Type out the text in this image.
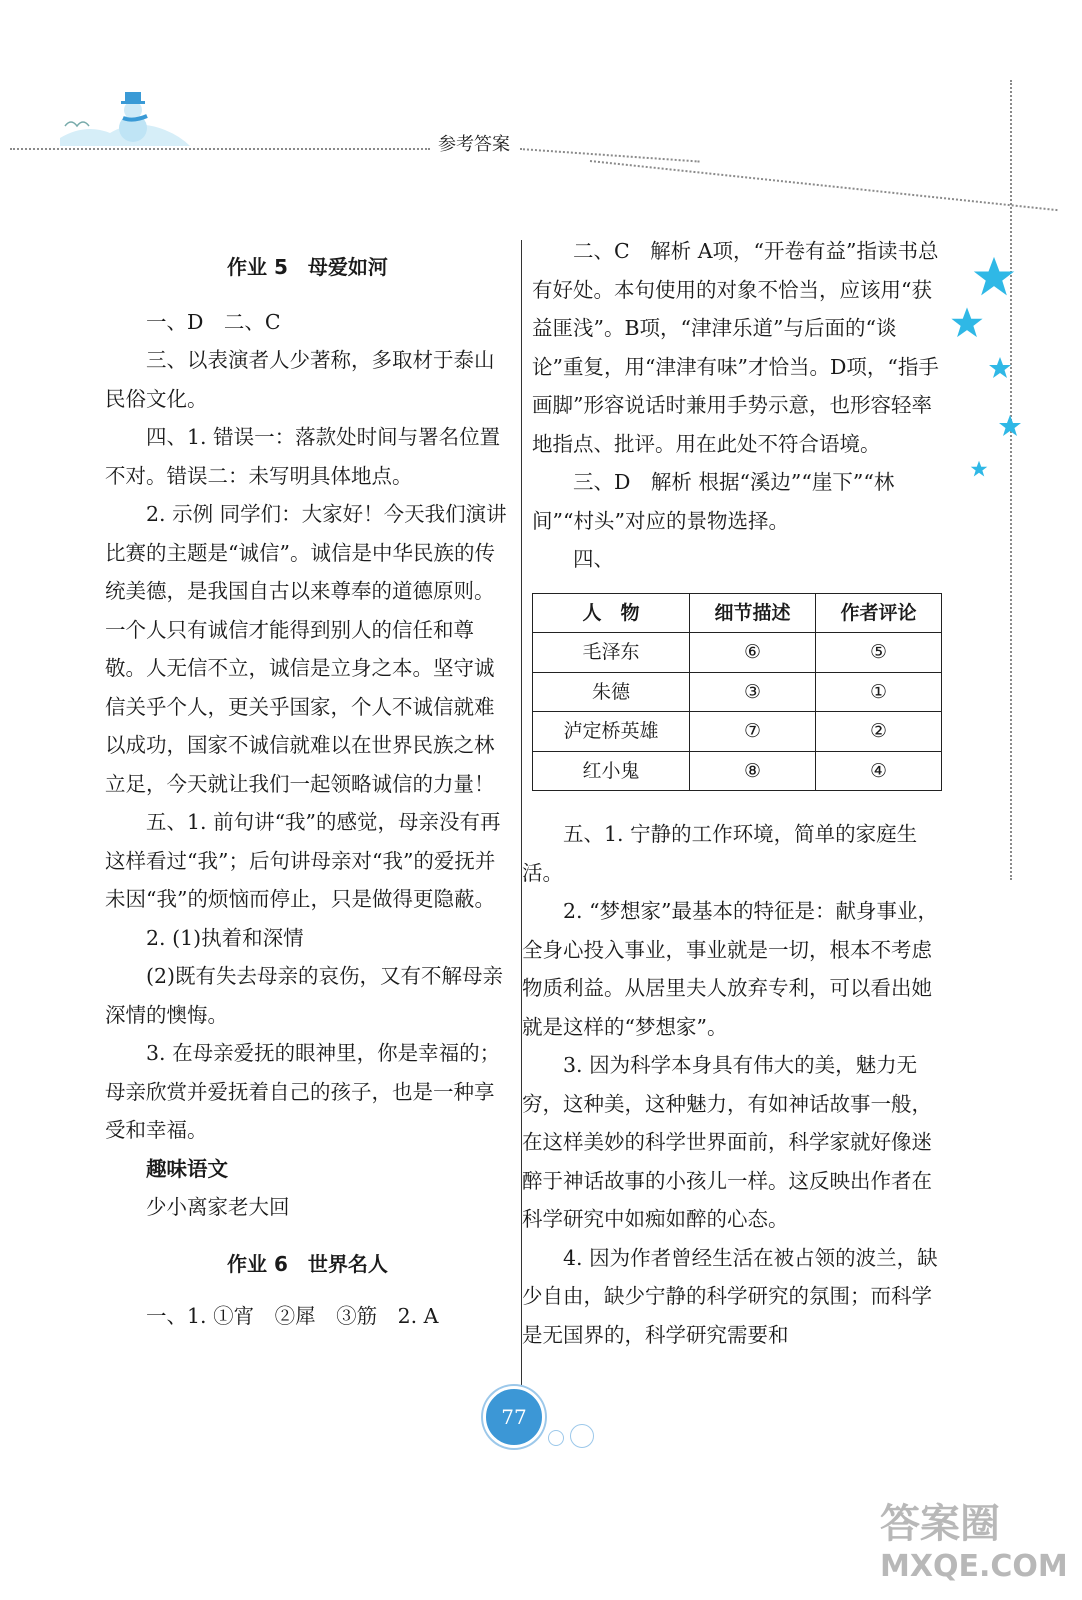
参考答案

作业 5　母爱如河

一、D　二、C

三、以表演者人少著称，多取材于泰山民俗文化。

四、1. 错误一：落款处时间与署名位置不对。错误二：未写明具体地点。

2. 示例 同学们：大家好！今天我们演讲比赛的主题是“诚信”。诚信是中华民族的传统美德，是我国自古以来尊奉的道德原则。一个人只有诚信才能得到别人的信任和尊敬。人无信不立，诚信是立身之本。坚守诚信关乎个人，更关乎国家，个人不诚信就难以成功，国家不诚信就难以在世界民族之林立足，今天就让我们一起领略诚信的力量！

五、1. 前句讲“我”的感觉，母亲没有再这样看过“我”；后句讲母亲对“我”的爱抚并未因“我”的烦恼而停止，只是做得更隐蔽。

2. (1)执着和深情

(2)既有失去母亲的哀伤，又有不解母亲深情的懊悔。

3. 在母亲爱抚的眼神里，你是幸福的；母亲欣赏并爱抚着自己的孩子，也是一种享受和幸福。

趣味语文

少小离家老大回

作业 6　世界名人

一、1. ①宵　②犀　③筋　2. A

二、C　解析 A项，“开卷有益”指读书总有好处。本句使用的对象不恰当，应该用“获益匪浅”。B项，“津津乐道”与后面的“谈论”重复，用“津津有味”才恰当。D项，“指手画脚”形容说话时兼用手势示意，也形容轻率地指点、批评。用在此处不符合语境。

三、D　解析 根据“溪边”“崖下”“林间”“村头”对应的景物选择。

四、

人　物	细节描述	作者评论
毛泽东	⑥	⑤
朱德	③	①
泸定桥英雄	⑦	②
红小鬼	⑧	④

五、1. 宁静的工作环境，简单的家庭生活。

2. “梦想家”最基本的特征是：献身事业，全身心投入事业，事业就是一切，根本不考虑物质利益。从居里夫人放弃专利，可以看出她就是这样的“梦想家”。

3. 因为科学本身具有伟大的美，魅力无穷，这种美，这种魅力，有如神话故事一般，在这样美妙的科学世界面前，科学家就好像迷醉于神话故事的小孩儿一样。这反映出作者在科学研究中如痴如醉的心态。

4. 因为作者曾经生活在被占领的波兰，缺少自由，缺少宁静的科学研究的氛围；而科学是无国界的，科学研究需要和

77
答案圈
MXQE.COM
